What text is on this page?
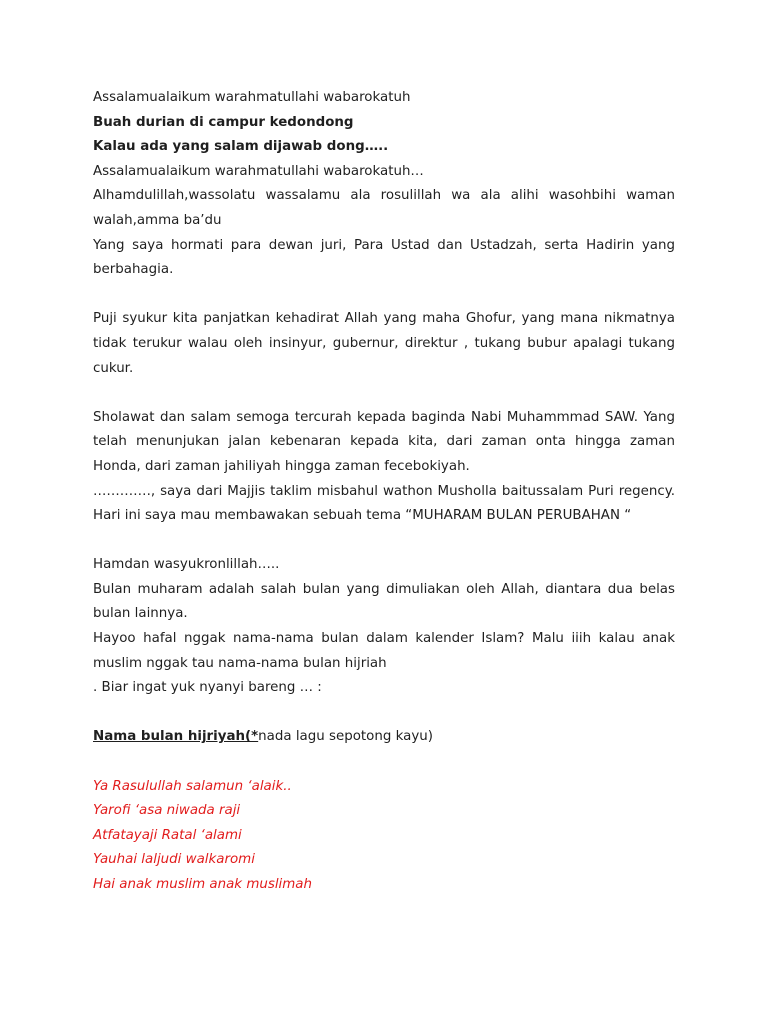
Assalamualaikum warahmatullahi wabarokatuh
Buah durian di campur kedondong
Kalau ada yang salam dijawab dong…..
Assalamualaikum warahmatullahi wabarokatuh…

Alhamdulillah,wassolatu wassalamu ala rosulillah wa ala alihi wasohbihi waman walah,amma ba’du

Yang saya hormati para dewan juri, Para Ustad dan Ustadzah, serta Hadirin yang berbahagia.

Puji syukur kita panjatkan kehadirat Allah yang maha Ghofur, yang mana nikmatnya tidak terukur walau oleh insinyur, gubernur, direktur , tukang bubur apalagi tukang cukur.

Sholawat dan salam semoga tercurah kepada baginda Nabi Muhammmad SAW. Yang telah menunjukan jalan kebenaran kepada kita, dari zaman onta hingga zaman Honda, dari zaman jahiliyah hingga zaman fecebokiyah.

…………., saya dari Majjis taklim misbahul wathon Musholla baitussalam Puri regency. Hari ini saya mau membawakan sebuah tema “MUHARAM BULAN PERUBAHAN “

Hamdan wasyukronlillah…..

Bulan muharam adalah salah bulan yang dimuliakan oleh Allah, diantara dua belas bulan lainnya.

Hayoo hafal nggak nama-nama bulan dalam kalender Islam? Malu iiih kalau anak muslim nggak tau nama-nama bulan hijriah

. Biar ingat yuk nyanyi bareng … :
Nama bulan hijriyah(*nada lagu sepotong kayu)
Ya Rasulullah salamun ‘alaik..
Yarofi ‘asa niwada raji
Atfatayaji Ratal ‘alami
Yauhai laljudi walkaromi
Hai anak muslim anak muslimah
